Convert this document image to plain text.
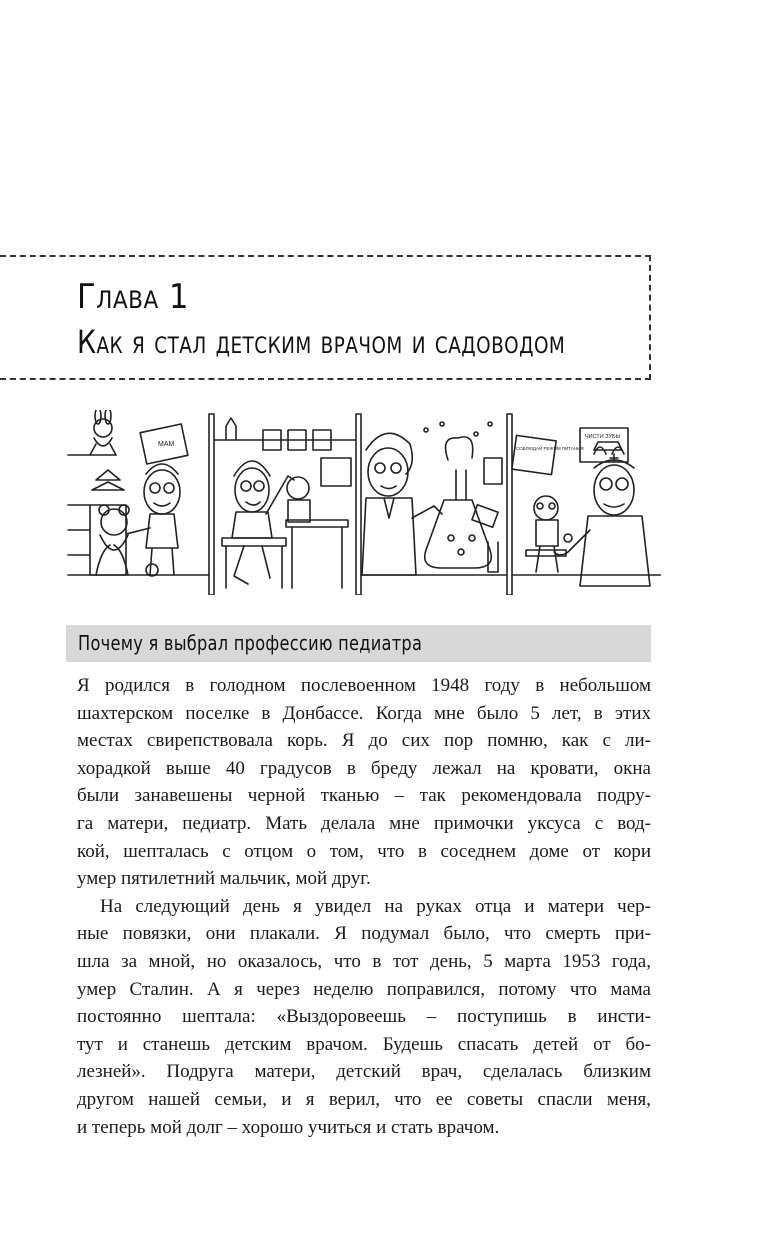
Глава 1
Как я стал детским врачом и садоводом
МАМ
ЧИСТИ ЗУБЫ
СОБЛЮДАЙ РЕЖИМ ПИТАНИЯ
Почему я выбрал профессию педиатра
Я родился в голодном послевоенном 1948 году в небольшом
шахтерском поселке в Донбассе. Когда мне было 5 лет, в этих
местах свирепствовала корь. Я до сих пор помню, как с ли-
хорадкой выше 40 градусов в бреду лежал на кровати, окна
были занавешены черной тканью – так рекомендовала подру-
га матери, педиатр. Мать делала мне примочки уксуса с вод-
кой, шепталась с отцом о том, что в соседнем доме от кори
умер пятилетний мальчик, мой друг.
На следующий день я увидел на руках отца и матери чер-
ные повязки, они плакали. Я подумал было, что смерть при-
шла за мной, но оказалось, что в тот день, 5 марта 1953 года,
умер Сталин. А я через неделю поправился, потому что мама
постоянно шептала: «Выздоровеешь – поступишь в инсти-
тут и станешь детским врачом. Будешь спасать детей от бо-
лезней». Подруга матери, детский врач, сделалась близким
другом нашей семьи, и я верил, что ее советы спасли меня,
и теперь мой долг – хорошо учиться и стать врачом.
